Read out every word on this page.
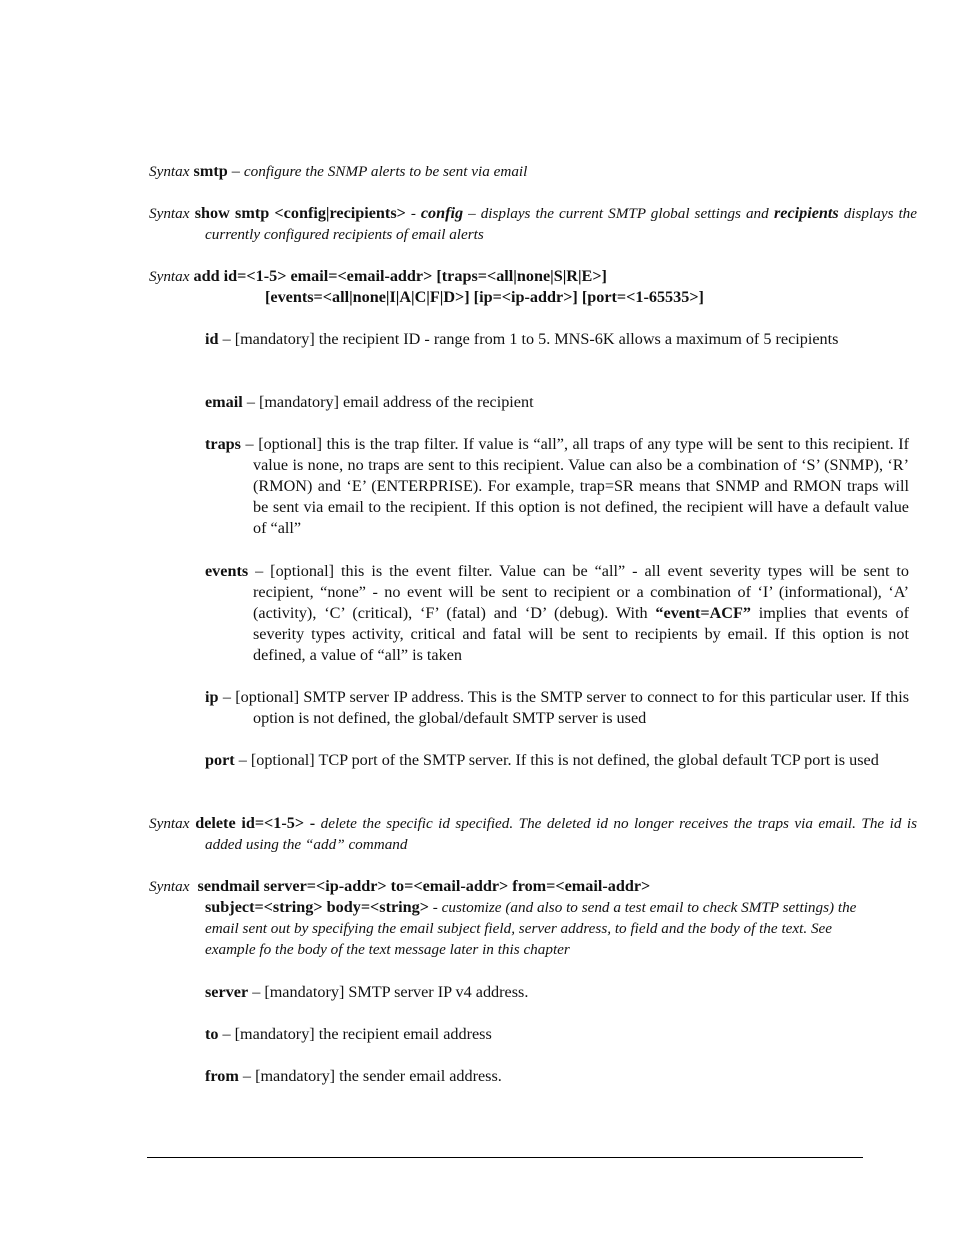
Syntax smtp – configure the SNMP alerts to be sent via email
Syntax show smtp <config|recipients> - config – displays the current SMTP global settings and recipients displays the currently configured recipients of email alerts
Syntax add id=<1-5> email=<email-addr> [traps=<all|none|S|R|E>]
[events=<all|none|I|A|C|F|D>] [ip=<ip-addr>] [port=<1-65535>]
id – [mandatory] the recipient ID - range from 1 to 5. MNS-6K allows a maximum of 5 recipients
email – [mandatory] email address of the recipient
traps – [optional] this is the trap filter. If value is “all”, all traps of any type will be sent to this recipient. If value is none, no traps are sent to this recipient. Value can also be a combination of ‘S’ (SNMP), ‘R’ (RMON) and ‘E’ (ENTERPRISE). For example, trap=SR means that SNMP and RMON traps will be sent via email to the recipient. If this option is not defined, the recipient will have a default value of “all”
events – [optional] this is the event filter. Value can be “all” - all event severity types will be sent to recipient, “none” - no event will be sent to recipient or a combination of ‘I’ (informational), ‘A’ (activity), ‘C’ (critical), ‘F’ (fatal) and ‘D’ (debug). With “event=ACF” implies that events of severity types activity, critical and fatal will be sent to recipients by email. If this option is not defined, a value of “all” is taken
ip – [optional] SMTP server IP address. This is the SMTP server to connect to for this particular user. If this option is not defined, the global/default SMTP server is used
port – [optional] TCP port of the SMTP server. If this is not defined, the global default TCP port is used
Syntax delete id=<1-5> - delete the specific id specified. The deleted id no longer receives the traps via email. The id is added using the “add” command
Syntax sendmail server=<ip-addr> to=<email-addr> from=<email-addr>
subject=<string> body=<string> - customize (and also to send a test email to check SMTP settings) the email sent out by specifying the email subject field, server address, to field and the body of the text. See example fo the body of the text message later in this chapter
server – [mandatory] SMTP server IP v4 address.
to – [mandatory] the recipient email address
from – [mandatory] the sender email address.
